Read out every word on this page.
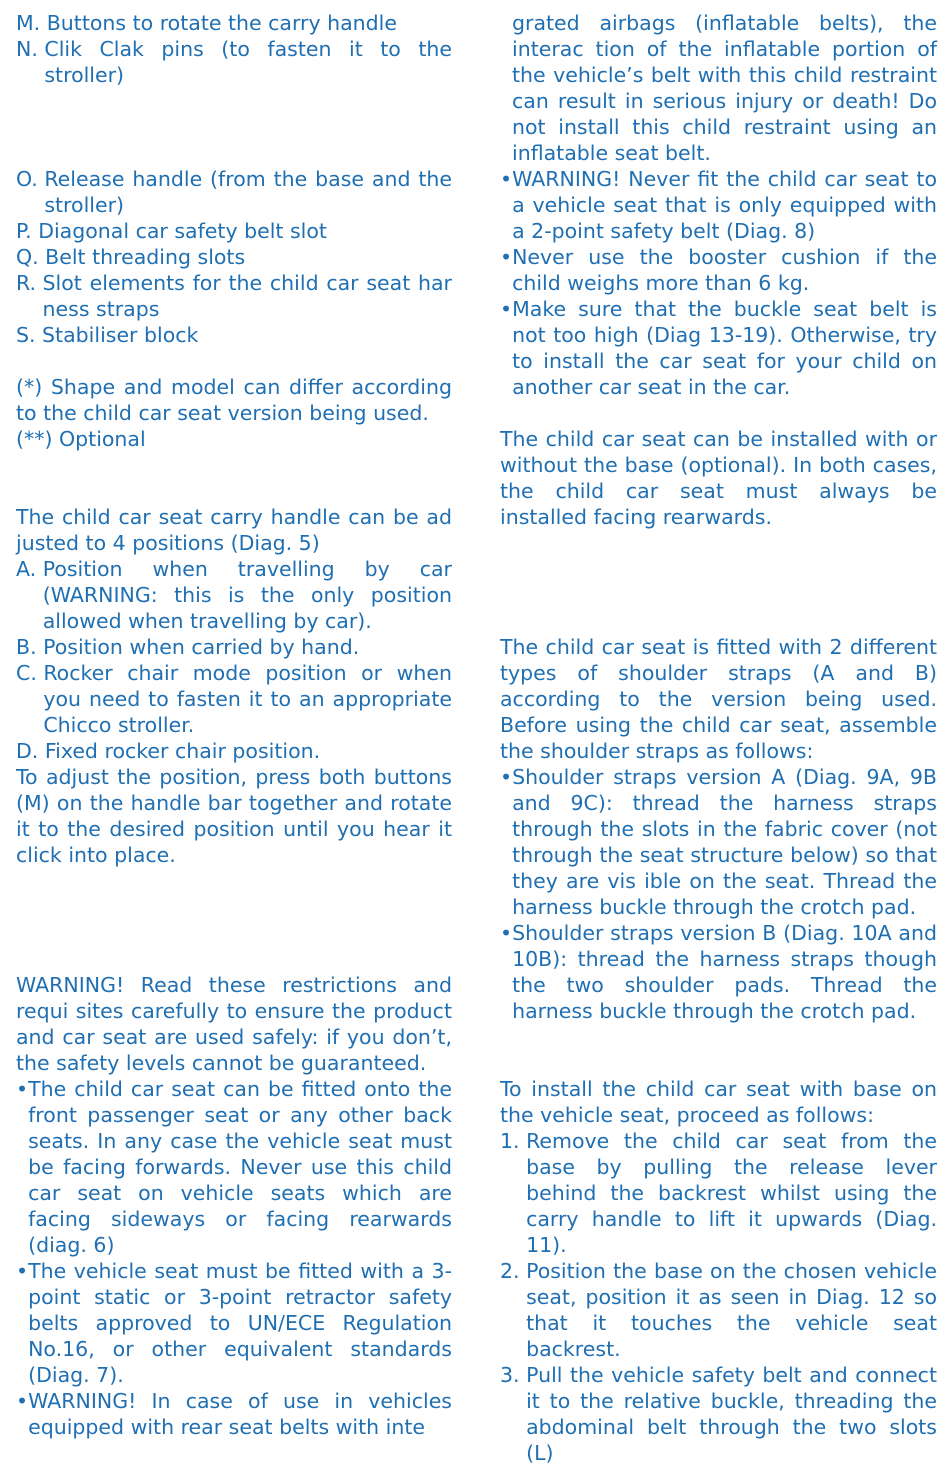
M. Buttons to rotate the carry handle
N. Clik Clak pins (to fasten it to the stroller)
O. Release handle (from the base and the stroller)
P. Diagonal car safety belt slot
Q. Belt threading slots
R. Slot elements for the child car seat har ness straps
S. Stabiliser block

(*) Shape and model can differ according to the child car seat version being used.

(**) Optional

The child car seat carry handle can be ad justed to 4 positions (Diag. 5)

A. Position when travelling by car (WARNING: this is the only position allowed when travelling by car).
B. Position when carried by hand.
C. Rocker chair mode position or when you need to fasten it to an appropriate Chicco stroller.
D. Fixed rocker chair position.

To adjust the position, press both buttons (M) on the handle bar together and rotate it to the desired position until you hear it click into place.

WARNING! Read these restrictions and requi sites carefully to ensure the product and car seat are used safely: if you don’t, the safety levels cannot be guaranteed.

• The child car seat can be fitted onto the front passenger seat or any other back seats. In any case the vehicle seat must be facing forwards. Never use this child car seat on vehicle seats which are facing sideways or facing rearwards (diag. 6)
• The vehicle seat must be fitted with a 3-point static or 3-point retractor safety belts approved to UN/ECE Regulation No.16, or other equivalent standards (Diag. 7).
• WARNING! In case of use in vehicles equipped with rear seat belts with inte
grated airbags (inflatable belts), the interac tion of the inflatable portion of the vehicle’s belt with this child restraint can result in serious injury or death! Do not install this child restraint using an inflatable seat belt.
• WARNING! Never fit the child car seat to a vehicle seat that is only equipped with a 2-point safety belt (Diag. 8)
• Never use the booster cushion if the child weighs more than 6 kg.
• Make sure that the buckle seat belt is not too high (Diag 13-19). Otherwise, try to install the car seat for your child on another car seat in the car.

The child car seat can be installed with or without the base (optional). In both cases, the child car seat must always be installed facing rearwards.

The child car seat is fitted with 2 different types of shoulder straps (A and B) according to the version being used. Before using the child car seat, assemble the shoulder straps as follows:

• Shoulder straps version A (Diag. 9A, 9B and 9C): thread the harness straps through the slots in the fabric cover (not through the seat structure below) so that they are vis ible on the seat. Thread the harness buckle through the crotch pad.
• Shoulder straps version B (Diag. 10A and 10B): thread the harness straps though the two shoulder pads. Thread the harness buckle through the crotch pad.

To install the child car seat with base on the vehicle seat, proceed as follows:

1. Remove the child car seat from the base by pulling the release lever behind the backrest whilst using the carry handle to lift it upwards (Diag. 11).
2. Position the base on the chosen vehicle seat, position it as seen in Diag. 12 so that it touches the vehicle seat backrest.
3. Pull the vehicle safety belt and connect it to the relative buckle, threading the abdominal belt through the two slots (L)
